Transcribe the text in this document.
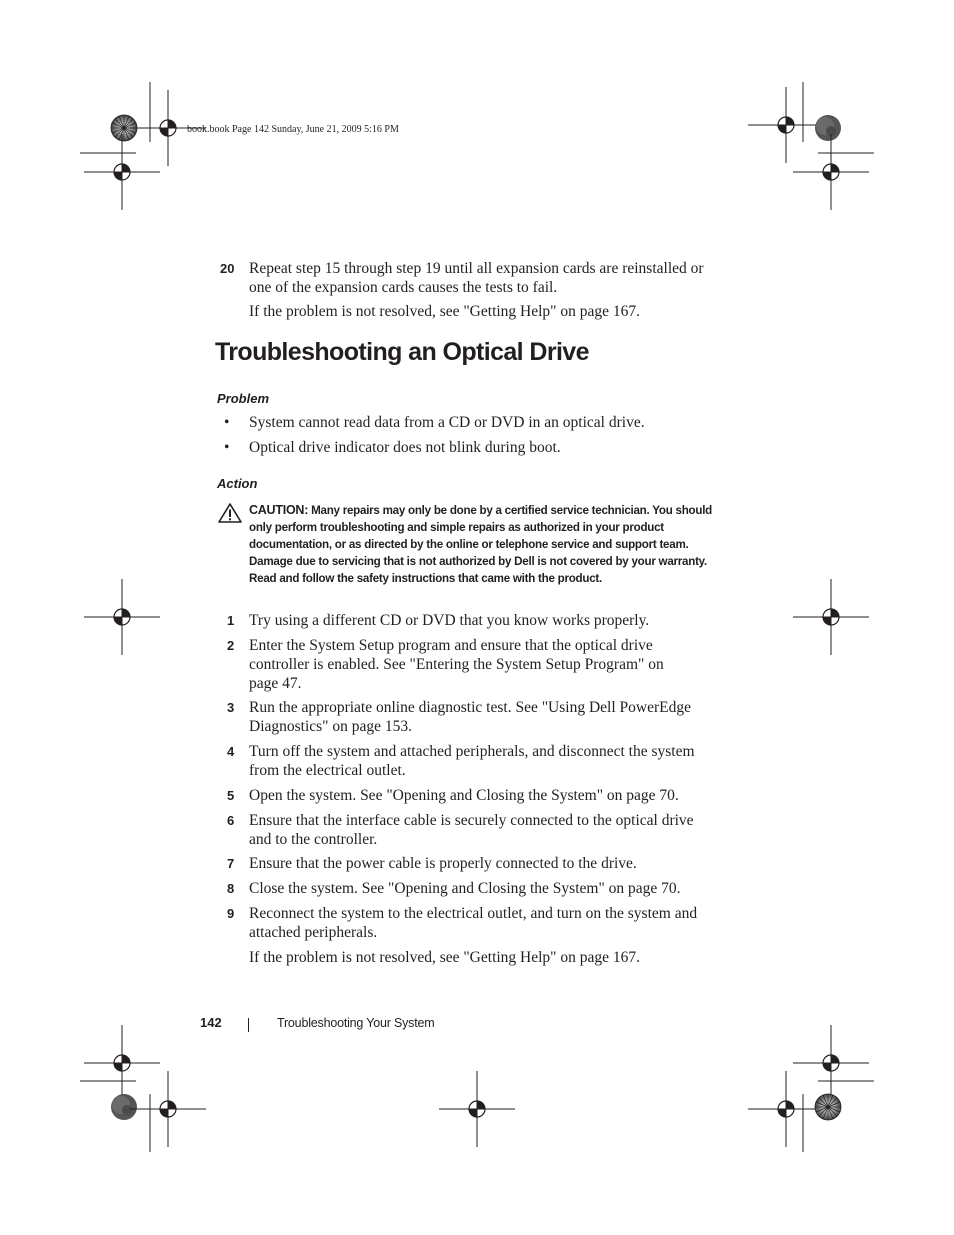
book.book Page 142 Sunday, June 21, 2009 5:16 PM
20 Repeat step 15 through step 19 until all expansion cards are reinstalled or one of the expansion cards causes the tests to fail.
If the problem is not resolved, see "Getting Help" on page 167.
Troubleshooting an Optical Drive
Problem
• System cannot read data from a CD or DVD in an optical drive.
• Optical drive indicator does not blink during boot.
Action
CAUTION: Many repairs may only be done by a certified service technician. You should only perform troubleshooting and simple repairs as authorized in your product documentation, or as directed by the online or telephone service and support team. Damage due to servicing that is not authorized by Dell is not covered by your warranty. Read and follow the safety instructions that came with the product.
1 Try using a different CD or DVD that you know works properly.
2 Enter the System Setup program and ensure that the optical drive controller is enabled. See "Entering the System Setup Program" on page 47.
3 Run the appropriate online diagnostic test. See "Using Dell PowerEdge Diagnostics" on page 153.
4 Turn off the system and attached peripherals, and disconnect the system from the electrical outlet.
5 Open the system. See "Opening and Closing the System" on page 70.
6 Ensure that the interface cable is securely connected to the optical drive and to the controller.
7 Ensure that the power cable is properly connected to the drive.
8 Close the system. See "Opening and Closing the System" on page 70.
9 Reconnect the system to the electrical outlet, and turn on the system and attached peripherals.
If the problem is not resolved, see "Getting Help" on page 167.
142	Troubleshooting Your System
